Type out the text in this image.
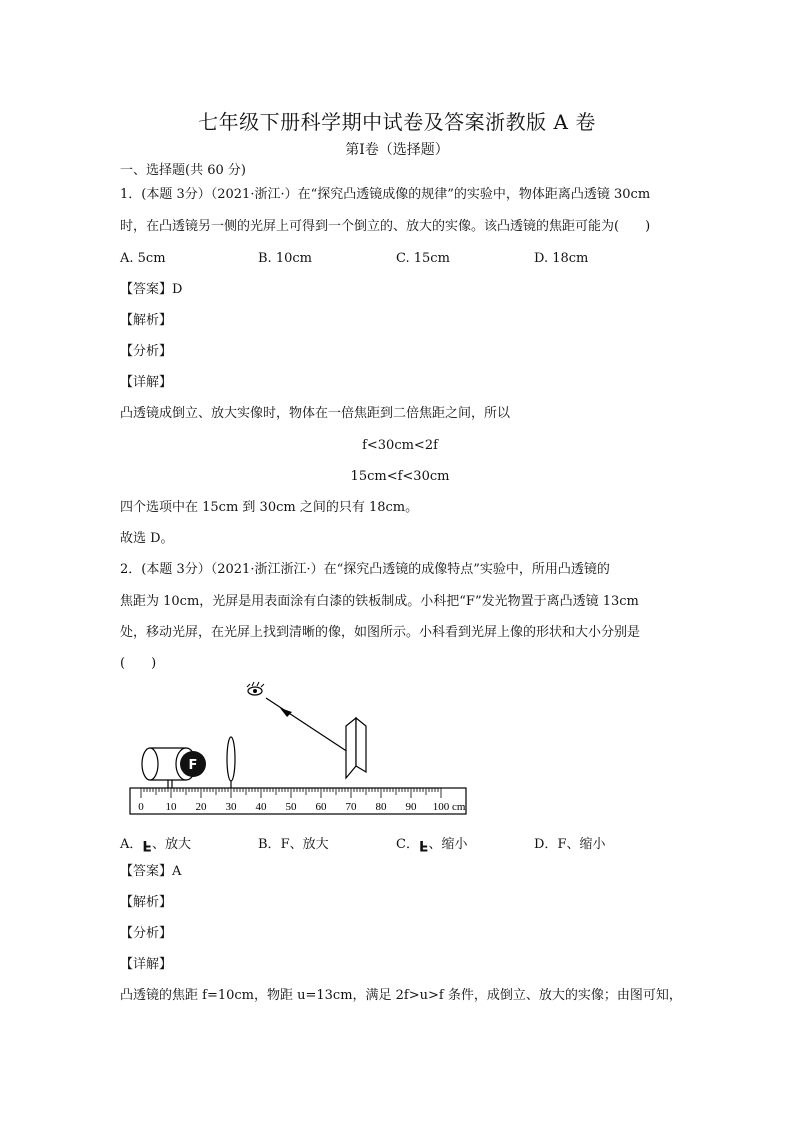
七年级下册科学期中试卷及答案浙教版 A 卷
第Ⅰ卷（选择题）
一、选择题(共 60 分)
1．(本题 3分）（2021·浙江·）在“探究凸透镜成像的规律”的实验中，物体距离凸透镜 30cm
时，在凸透镜另一侧的光屏上可得到一个倒立的、放大的实像。该凸透镜的焦距可能为(　　)
A. 5cm	B. 10cm	C. 15cm	D. 18cm
【答案】D
【解析】
【分析】
【详解】
凸透镜成倒立、放大实像时，物体在一倍焦距到二倍焦距之间，所以
f<30cm<2f
15cm<f<30cm
四个选项中在 15cm 到 30cm 之间的只有 18cm。
故选 D。
2．(本题 3分）（2021·浙江浙江·）在“探究凸透镜的成像特点”实验中，所用凸透镜的
焦距为 10cm，光屏是用表面涂有白漆的铁板制成。小科把“F”发光物置于离凸透镜 13cm
处，移动光屏，在光屏上找到清晰的像，如图所示。小科看到光屏上像的形状和大小分别是
(　　)
F
0 10 20 30 40 50 60 70 80 90 100 cm
A．F、放大	B．F、放大	C．F、缩小	D．F、缩小
【答案】A
【解析】
【分析】
【详解】
凸透镜的焦距 f=10cm，物距 u=13cm，满足 2f>u>f 条件，成倒立、放大的实像；由图可知，
